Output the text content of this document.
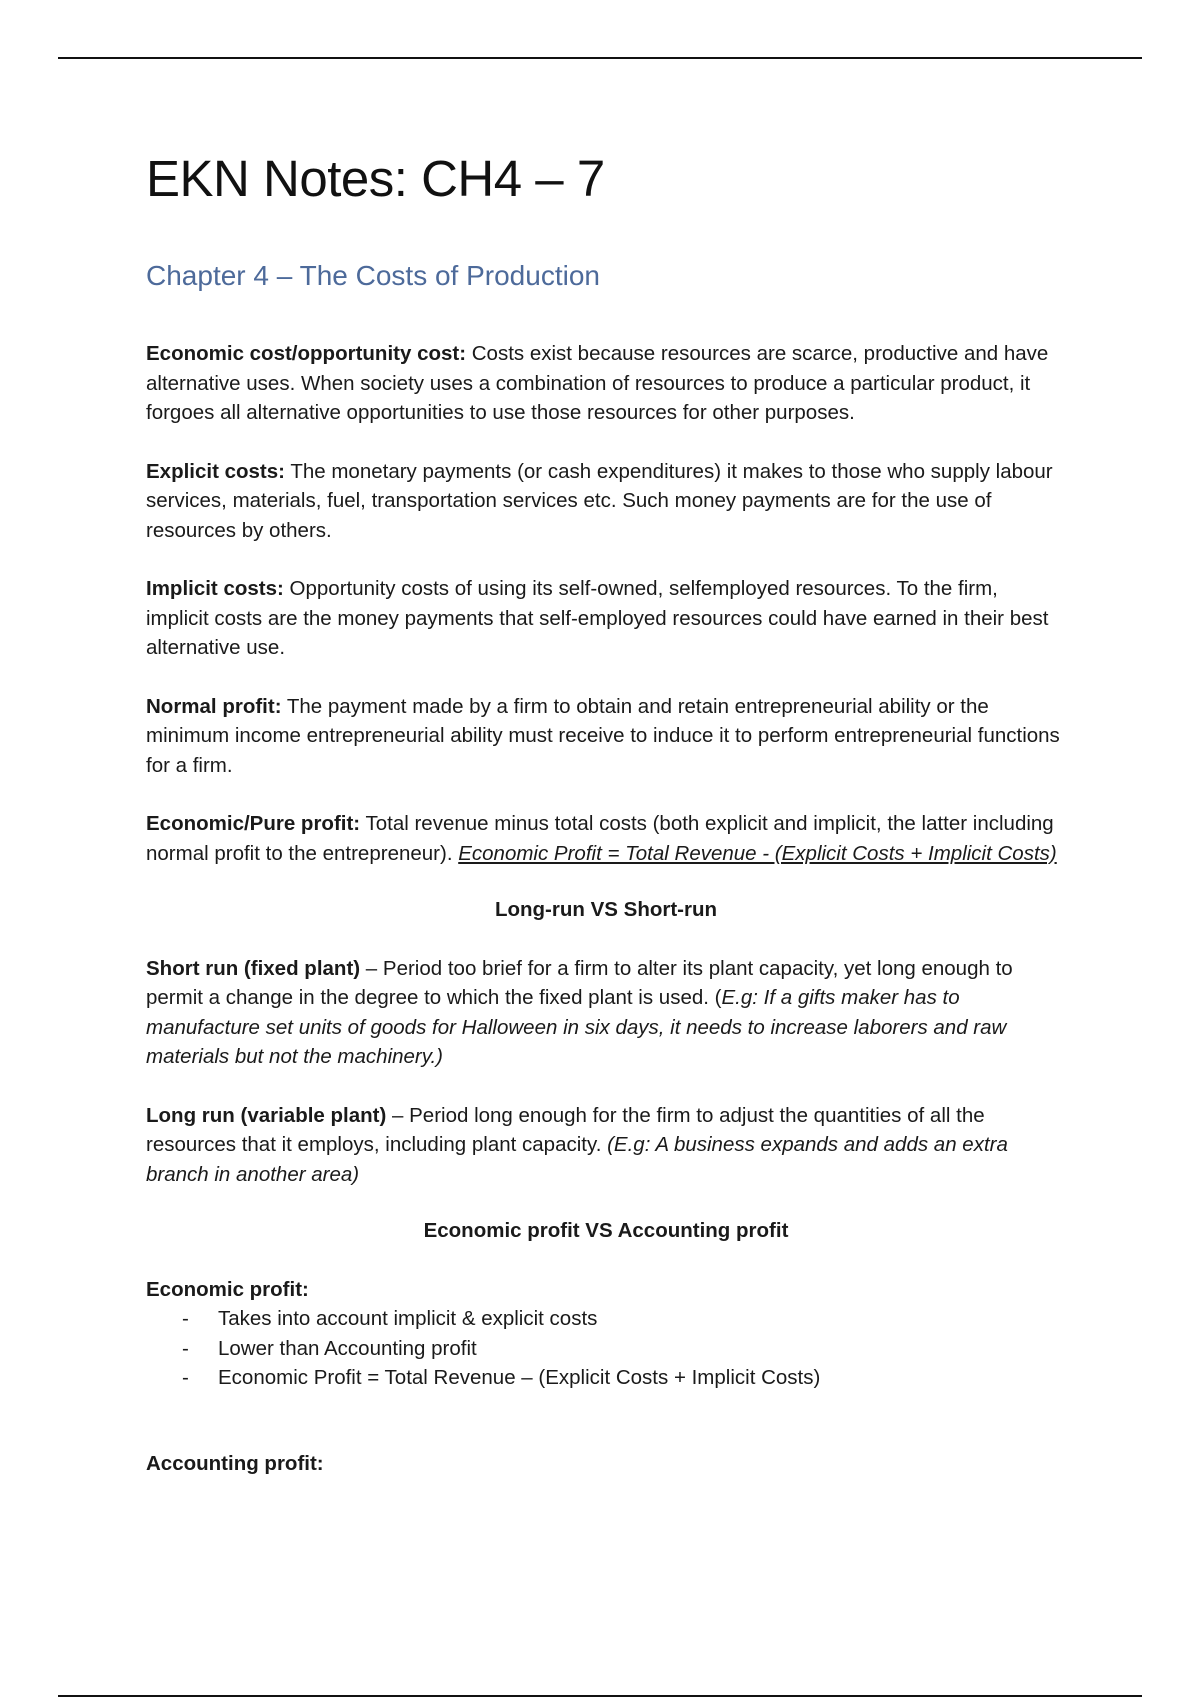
EKN Notes: CH4 – 7
Chapter 4 – The Costs of Production

Economic cost/opportunity cost: Costs exist because resources are scarce, productive and have alternative uses. When society uses a combination of resources to produce a particular product, it forgoes all alternative opportunities to use those resources for other purposes.

Explicit costs: The monetary payments (or cash expenditures) it makes to those who supply labour services, materials, fuel, transportation services etc. Such money payments are for the use of resources by others.

Implicit costs: Opportunity costs of using its self-owned, selfemployed resources. To the firm, implicit costs are the money payments that self-employed resources could have earned in their best alternative use.

Normal profit: The payment made by a firm to obtain and retain entrepreneurial ability or the minimum income entrepreneurial ability must receive to induce it to perform entrepreneurial functions for a firm.

Economic/Pure profit: Total revenue minus total costs (both explicit and implicit, the latter including normal profit to the entrepreneur). Economic Profit = Total Revenue - (Explicit Costs + Implicit Costs)

Long-run VS Short-run

Short run (fixed plant) – Period too brief for a firm to alter its plant capacity, yet long enough to permit a change in the degree to which the fixed plant is used. (E.g: If a gifts maker has to manufacture set units of goods for Halloween in six days, it needs to increase laborers and raw materials but not the machinery.)

Long run (variable plant) – Period long enough for the firm to adjust the quantities of all the resources that it employs, including plant capacity. (E.g: A business expands and adds an extra branch in another area)

Economic profit VS Accounting profit

Economic profit:

- Takes into account implicit & explicit costs
- Lower than Accounting profit
- Economic Profit = Total Revenue – (Explicit Costs + Implicit Costs)

Accounting profit:
